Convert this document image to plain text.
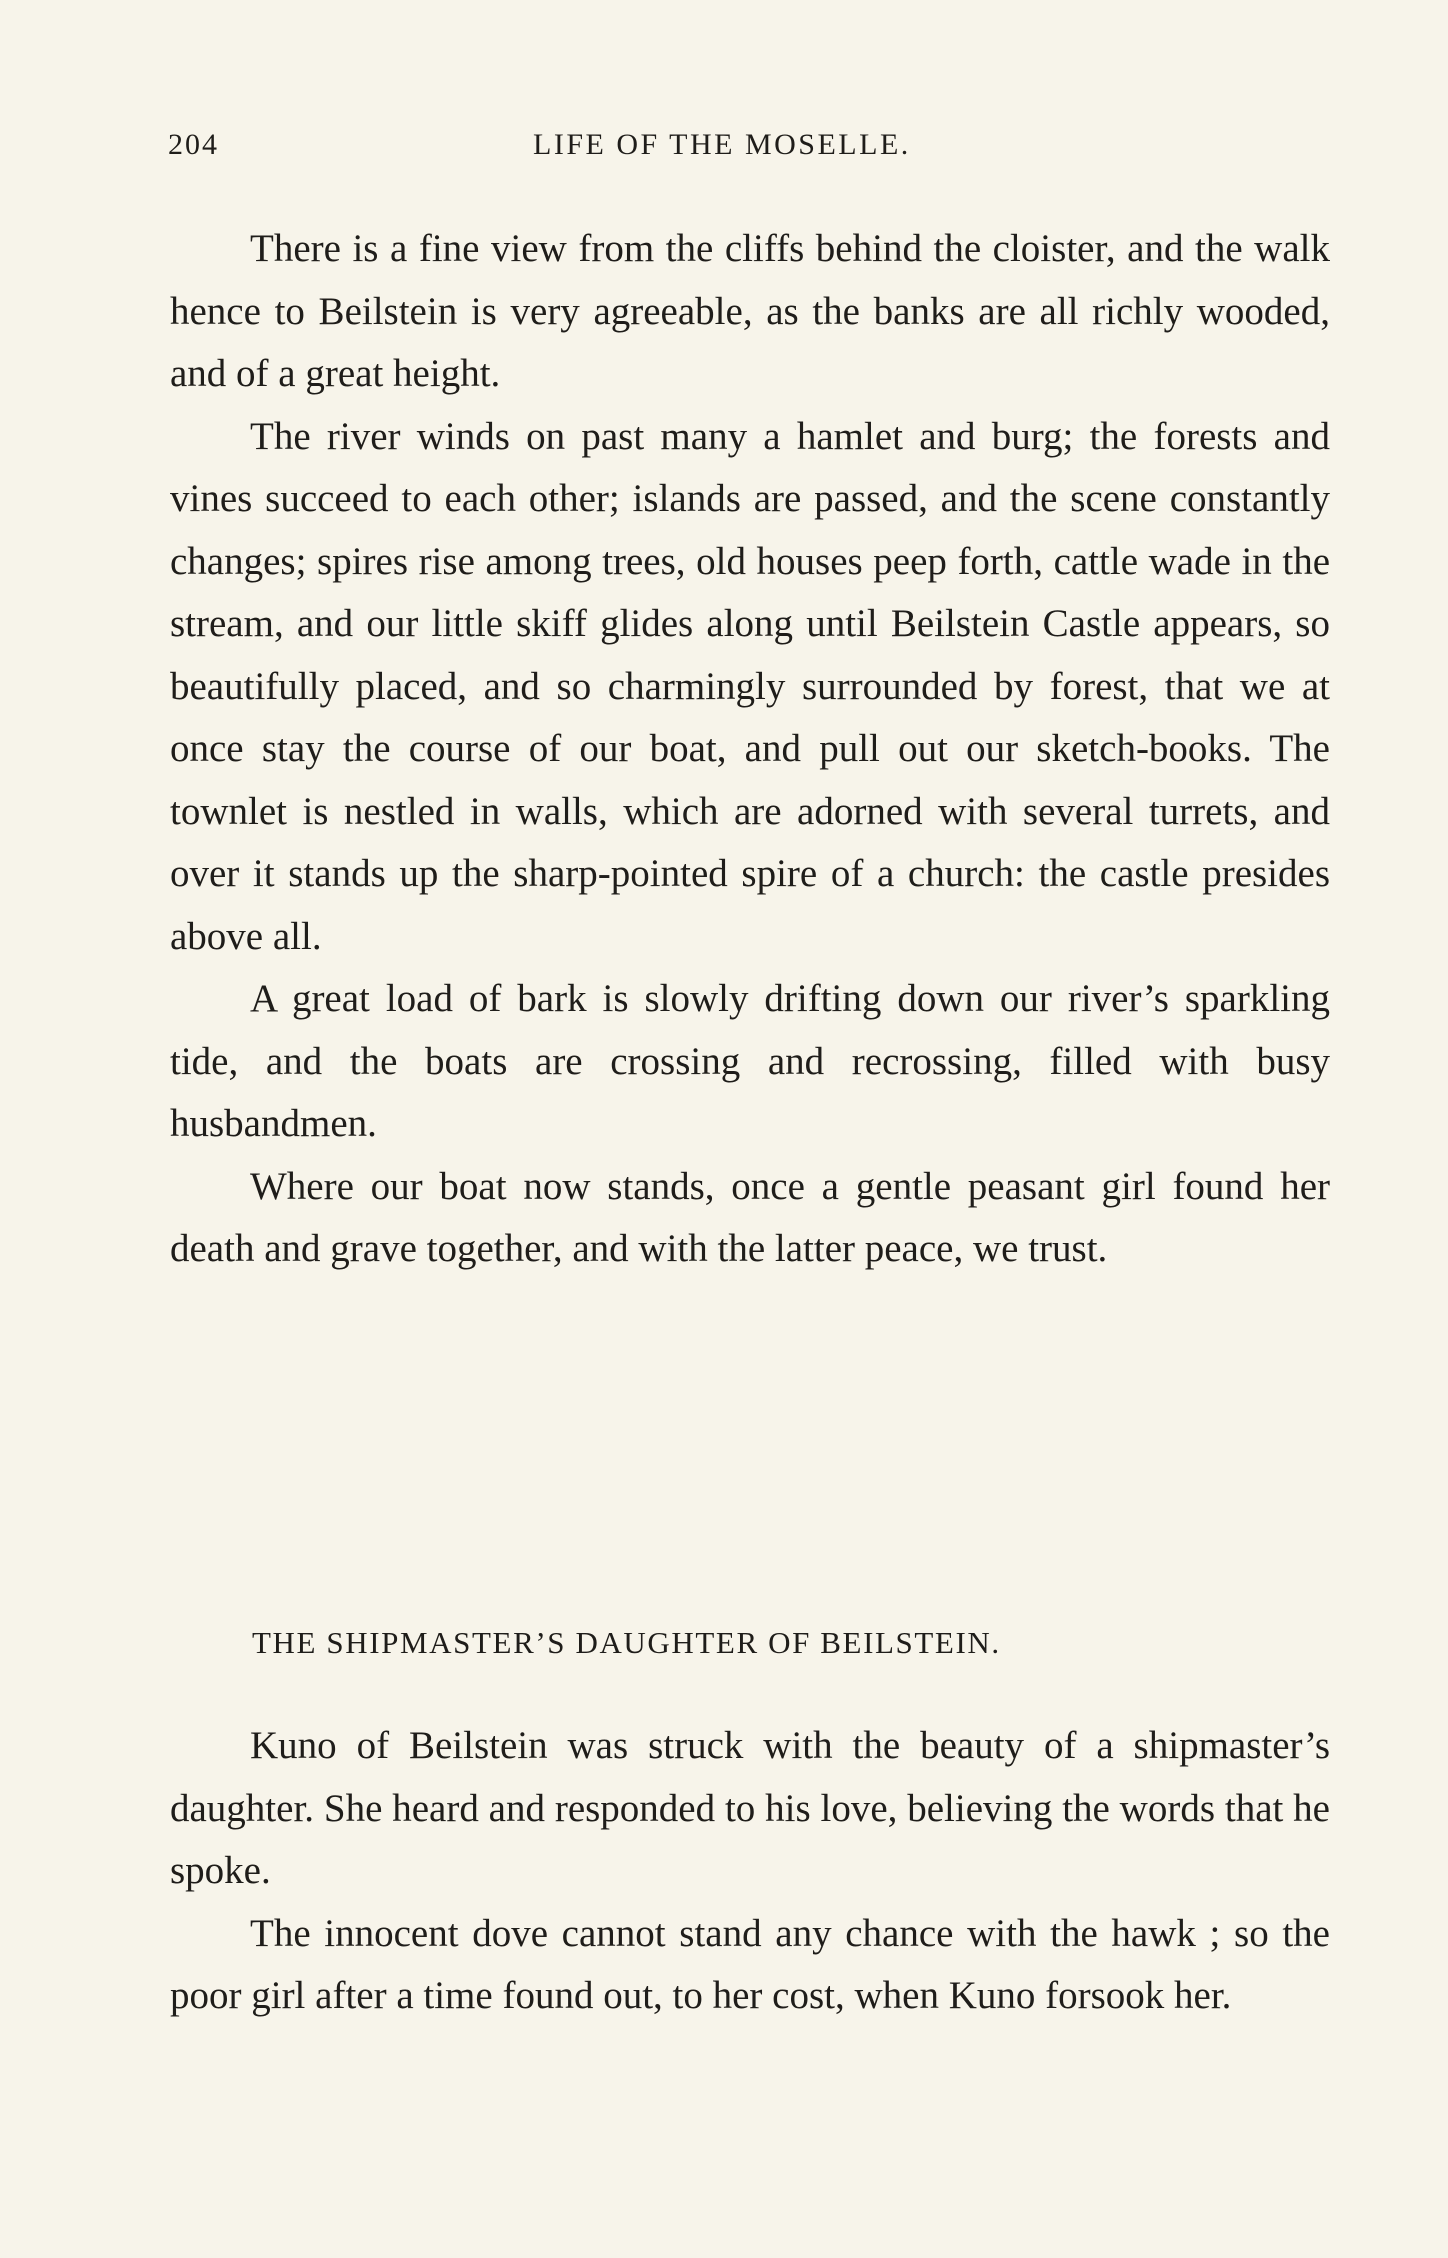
204	LIFE OF THE MOSELLE.

There is a fine view from the cliffs behind the cloister, and the walk hence to Beilstein is very agreeable, as the banks are all richly wooded, and of a great height.

The river winds on past many a hamlet and burg; the forests and vines succeed to each other; islands are passed, and the scene constantly changes; spires rise among trees, old houses peep forth, cattle wade in the stream, and our little skiff glides along until Beilstein Castle appears, so beautifully placed, and so charmingly surrounded by forest, that we at once stay the course of our boat, and pull out our sketch-books. The townlet is nestled in walls, which are adorned with several turrets, and over it stands up the sharp-pointed spire of a church: the castle presides above all.

A great load of bark is slowly drifting down our river’s sparkling tide, and the boats are crossing and recrossing, filled with busy husbandmen.

Where our boat now stands, once a gentle peasant girl found her death and grave together, and with the latter peace, we trust.

THE SHIPMASTER’S DAUGHTER OF BEILSTEIN.

Kuno of Beilstein was struck with the beauty of a shipmaster’s daughter. She heard and responded to his love, believing the words that he spoke.

The innocent dove cannot stand any chance with the hawk ; so the poor girl after a time found out, to her cost, when Kuno forsook her.
